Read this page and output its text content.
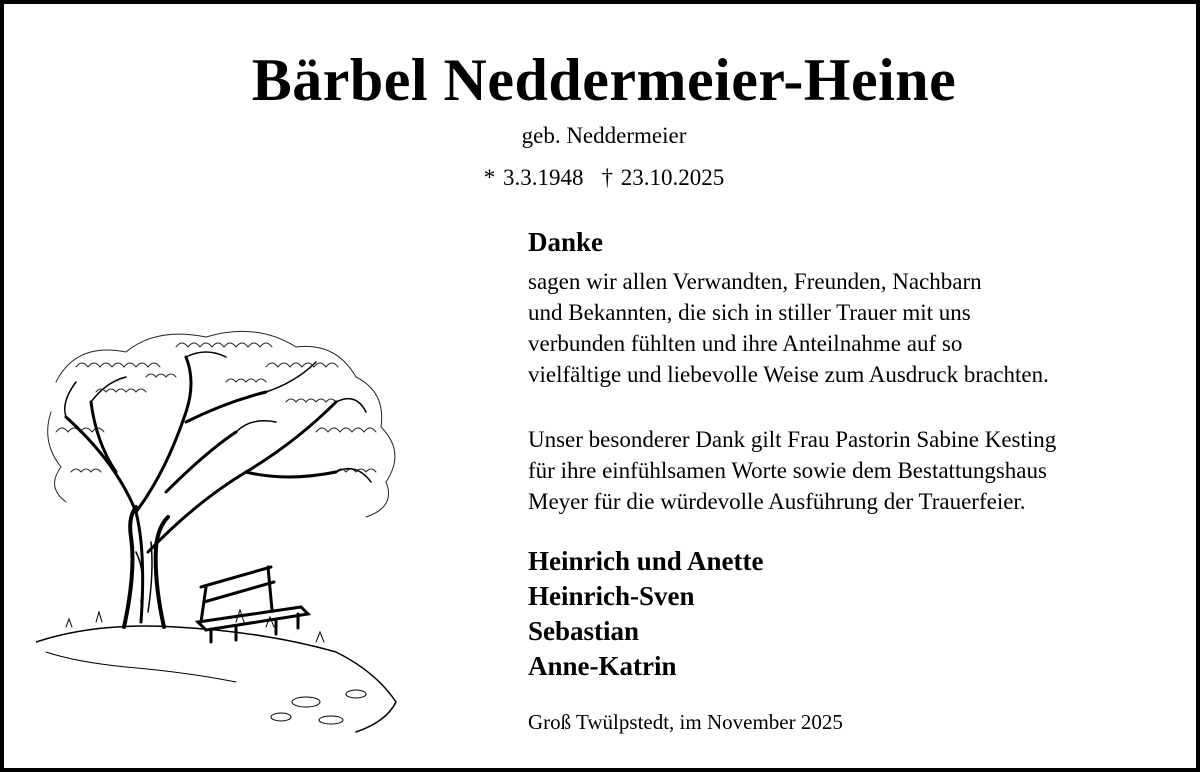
Bärbel Neddermeier-Heine
geb. Neddermeier
* 3.3.1948 † 23.10.2025
Danke
sagen wir allen Verwandten, Freunden, Nachbarn
und Bekannten, die sich in stiller Trauer mit uns
verbunden fühlten und ihre Anteilnahme auf so
vielfältige und liebevolle Weise zum Ausdruck brachten.
Unser besonderer Dank gilt Frau Pastorin Sabine Kesting
für ihre einfühlsamen Worte sowie dem Bestattungshaus
Meyer für die würdevolle Ausführung der Trauerfeier.
Heinrich und Anette
Heinrich-Sven
Sebastian
Anne-Katrin
Groß Twülpstedt, im November 2025
